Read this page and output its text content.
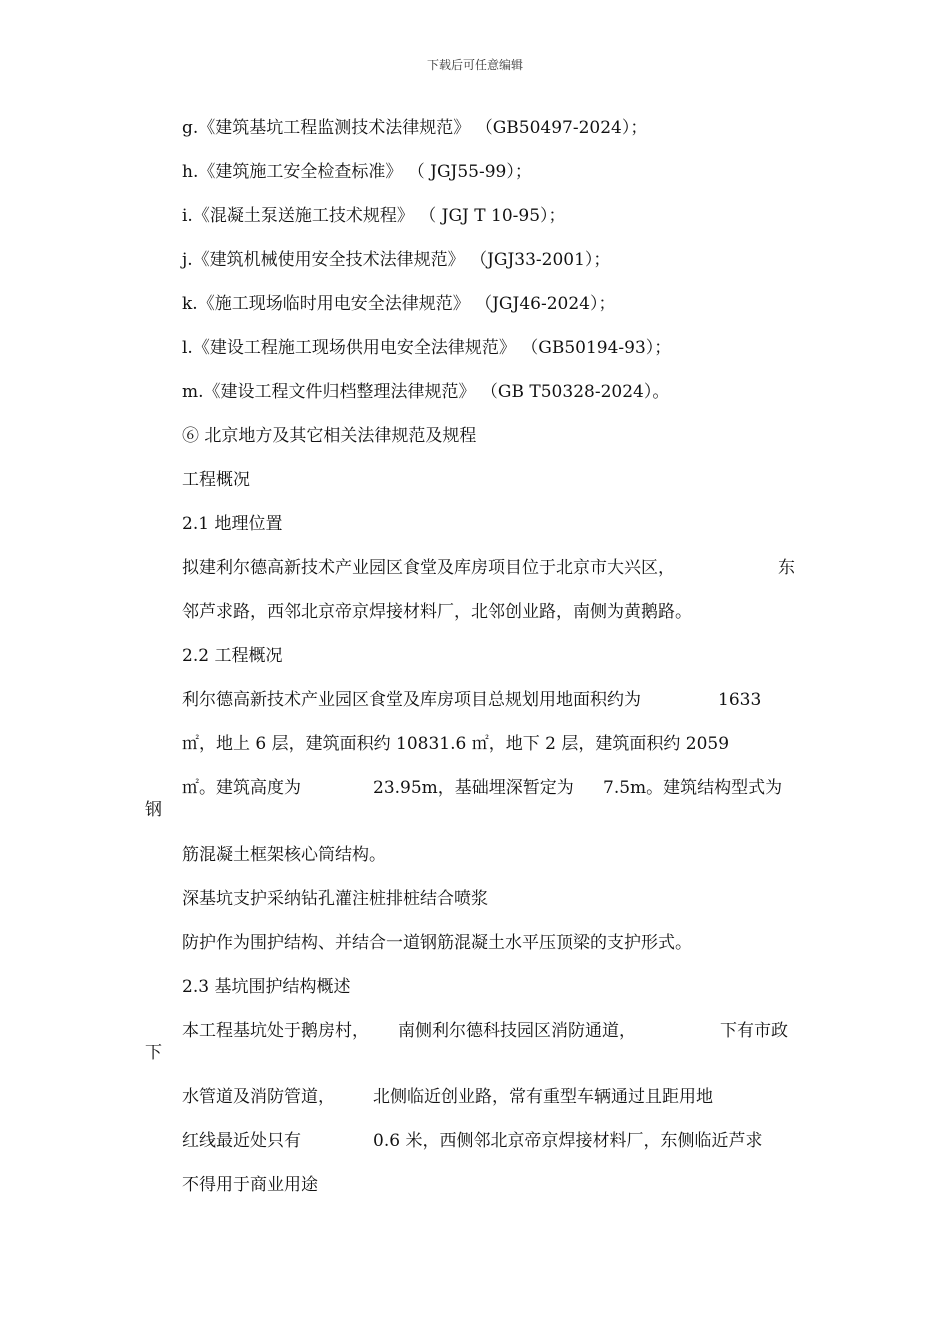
下载后可任意编辑
g.《建筑基坑工程监测技术法律规范》 （GB50497-2024）；
h.《建筑施工安全检查标准》 （ JGJ55-99）；
i.《混凝土泵送施工技术规程》 （ JGJ T 10-95）；
j.《建筑机械使用安全技术法律规范》 （JGJ33-2001）；
k.《施工现场临时用电安全法律规范》 （JGJ46-2024）；
l.《建设工程施工现场供用电安全法律规范》 （GB50194-93）；
m.《建设工程文件归档整理法律规范》 （GB T50328-2024）。
⑥ 北京地方及其它相关法律规范及规程
工程概况
2.1 地理位置
拟建利尔德高新技术产业园区食堂及库房项目位于北京市大兴区，	东
邻芦求路，西邻北京帝京焊接材料厂，北邻创业路，南侧为黄鹅路。
2.2 工程概况
利尔德高新技术产业园区食堂及库房项目总规划用地面积约为	1633
㎡，地上 6 层，建筑面积约 10831.6 ㎡，地下 2 层，建筑面积约 2059
㎡。建筑高度为	23.95m，基础埋深暂定为 7.5m。建筑结构型式为
钢
筋混凝土框架核心筒结构。
深基坑支护采纳钻孔灌注桩排桩结合喷浆
防护作为围护结构、并结合一道钢筋混凝土水平压顶梁的支护形式。
2.3 基坑围护结构概述
本工程基坑处于鹅房村， 南侧利尔德科技园区消防通道，	下有市政
下
水管道及消防管道， 北侧临近创业路，常有重型车辆通过且距用地
红线最近处只有	0.6 米，西侧邻北京帝京焊接材料厂，东侧临近芦求
不得用于商业用途
